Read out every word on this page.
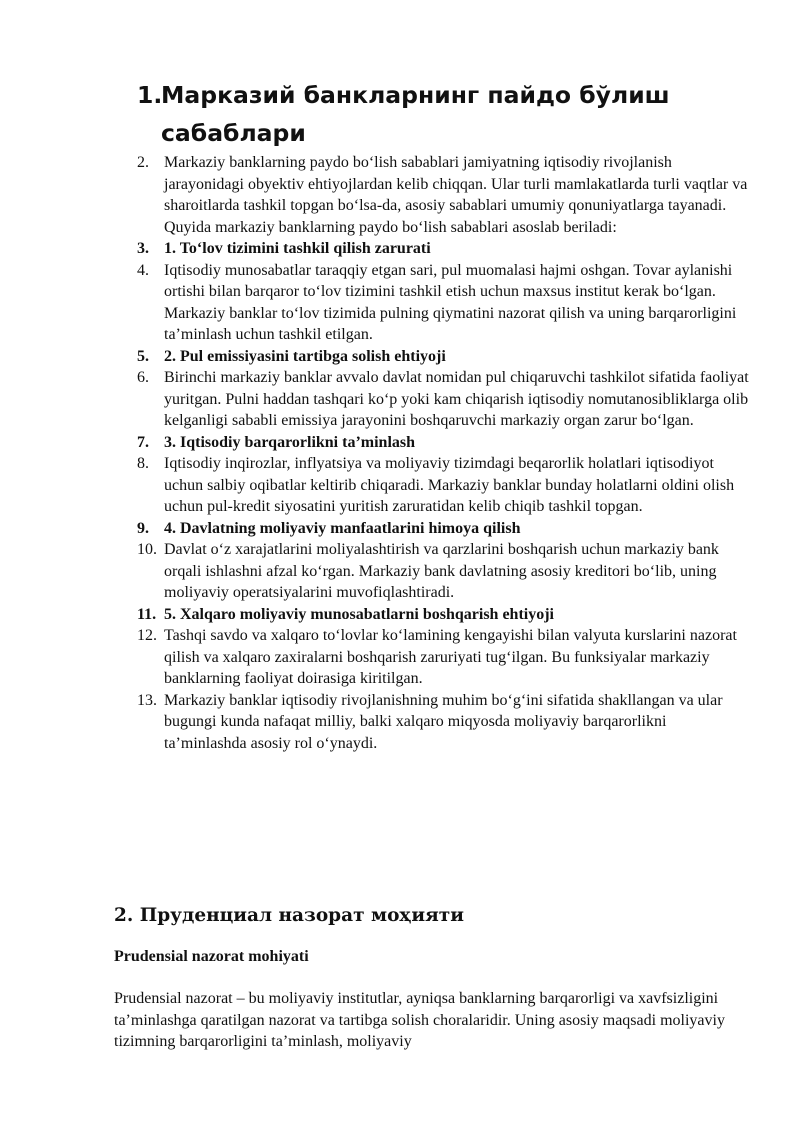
1.
Марказий банкларнинг пайдо бўлиш сабаблари
2. Markaziy banklarning paydo bo‘lish sabablari jamiyatning iqtisodiy rivojlanish jarayonidagi obyektiv ehtiyojlardan kelib chiqqan. Ular turli mamlakatlarda turli vaqtlar va sharoitlarda tashkil topgan bo‘lsa-da, asosiy sabablari umumiy qonuniyatlarga tayanadi. Quyida markaziy banklarning paydo bo‘lish sabablari asoslab beriladi:
3. 1. To‘lov tizimini tashkil qilish zarurati
4. Iqtisodiy munosabatlar taraqqiy etgan sari, pul muomalasi hajmi oshgan. Tovar aylanishi ortishi bilan barqaror to‘lov tizimini tashkil etish uchun maxsus institut kerak bo‘lgan. Markaziy banklar to‘lov tizimida pulning qiymatini nazorat qilish va uning barqarorligini ta’minlash uchun tashkil etilgan.
5. 2. Pul emissiyasini tartibga solish ehtiyoji
6. Birinchi markaziy banklar avvalo davlat nomidan pul chiqaruvchi tashkilot sifatida faoliyat yuritgan. Pulni haddan tashqari ko‘p yoki kam chiqarish iqtisodiy nomutanosibliklarga olib kelganligi sababli emissiya jarayonini boshqaruvchi markaziy organ zarur bo‘lgan.
7. 3. Iqtisodiy barqarorlikni ta’minlash
8. Iqtisodiy inqirozlar, inflyatsiya va moliyaviy tizimdagi beqarorlik holatlari iqtisodiyot uchun salbiy oqibatlar keltirib chiqaradi. Markaziy banklar bunday holatlarni oldini olish uchun pul-kredit siyosatini yuritish zaruratidan kelib chiqib tashkil topgan.
9. 4. Davlatning moliyaviy manfaatlarini himoya qilish
10. Davlat o‘z xarajatlarini moliyalashtirish va qarzlarini boshqarish uchun markaziy bank orqali ishlashni afzal ko‘rgan. Markaziy bank davlatning asosiy kreditori bo‘lib, uning moliyaviy operatsiyalarini muvofiqlashtiradi.
11. 5. Xalqaro moliyaviy munosabatlarni boshqarish ehtiyoji
12. Tashqi savdo va xalqaro to‘lovlar ko‘lamining kengayishi bilan valyuta kurslarini nazorat qilish va xalqaro zaxiralarni boshqarish zaruriyati tug‘ilgan. Bu funksiyalar markaziy banklarning faoliyat doirasiga kiritilgan.
13. Markaziy banklar iqtisodiy rivojlanishning muhim bo‘g‘ini sifatida shakllangan va ular bugungi kunda nafaqat milliy, balki xalqaro miqyosda moliyaviy barqarorlikni ta’minlashda asosiy rol o‘ynaydi.
2. Пруденциал назорат моҳияти
Prudensial nazorat mohiyati

Prudensial nazorat – bu moliyaviy institutlar, ayniqsa banklarning barqarorligi va xavfsizligini ta’minlashga qaratilgan nazorat va tartibga solish choralaridir. Uning asosiy maqsadi moliyaviy tizimning barqarorligini ta’minlash, moliyaviy
